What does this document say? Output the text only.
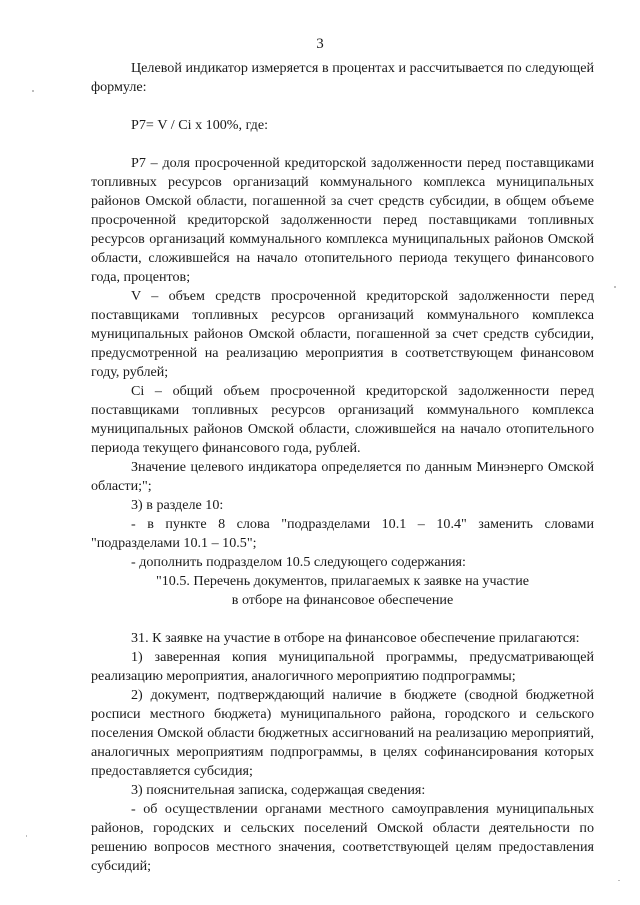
3

Целевой индикатор измеряется в процентах и рассчитывается по следующей формуле:

Р7= V / Ci x 100%, где:

Р7 – доля просроченной кредиторской задолженности перед поставщиками топливных ресурсов организаций коммунального комплекса муниципальных районов Омской области, погашенной за счет средств субсидии, в общем объеме просроченной кредиторской задолженности перед поставщиками топливных ресурсов организаций коммунального комплекса муниципальных районов Омской области, сложившейся на начало отопительного периода текущего финансового года, процентов;

V – объем средств просроченной кредиторской задолженности перед поставщиками топливных ресурсов организаций коммунального комплекса муниципальных районов Омской области, погашенной за счет средств субсидии, предусмотренной на реализацию мероприятия в соответствующем финансовом году, рублей;

Ci – общий объем просроченной кредиторской задолженности перед поставщиками топливных ресурсов организаций коммунального комплекса муниципальных районов Омской области, сложившейся на начало отопительного периода текущего финансового года, рублей.

Значение целевого индикатора определяется по данным Минэнерго Омской области;";

3) в разделе 10:

- в пункте 8 слова "подразделами 10.1 – 10.4" заменить словами "подразделами 10.1 – 10.5";

- дополнить подразделом 10.5 следующего содержания:

"10.5. Перечень документов, прилагаемых к заявке на участие

в отборе на финансовое обеспечение

31. К заявке на участие в отборе на финансовое обеспечение прилагаются:

1) заверенная копия муниципальной программы, предусматривающей реализацию мероприятия, аналогичного мероприятию подпрограммы;

2) документ, подтверждающий наличие в бюджете (сводной бюджетной росписи местного бюджета) муниципального района, городского и сельского поселения Омской области бюджетных ассигнований на реализацию мероприятий, аналогичных мероприятиям подпрограммы, в целях софинансирования которых предоставляется субсидия;

3) пояснительная записка, содержащая сведения:

- об осуществлении органами местного самоуправления муниципальных районов, городских и сельских поселений Омской области деятельности по решению вопросов местного значения, соответствующей целям предоставления субсидий;
